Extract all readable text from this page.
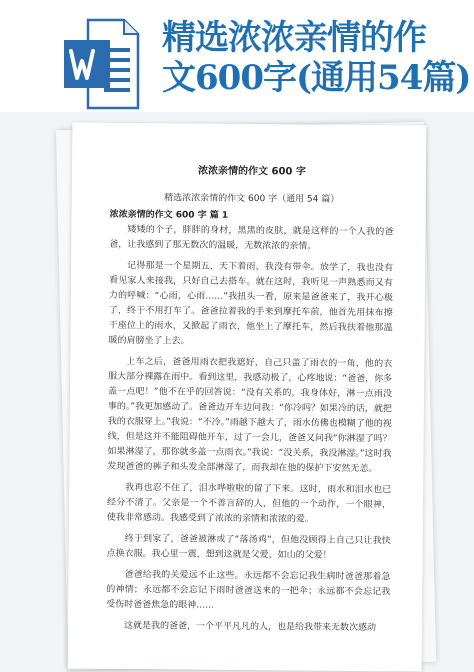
精选浓浓亲情的作
文600字(通用54篇)
浓浓亲情的作文 600 字
精选浓浓亲情的作文 600 字（通用 54 篇）
浓浓亲情的作文 600 字 篇 1

矮矮的个子，胖胖的身材，黑黑的皮肤，就是这样的一个人我的爸爸，让我感到了那无数次的温暖，无数浓浓的亲情。

记得那是一个星期五，天下着雨，我没有带伞。放学了，我也没有看见家人来接我，只好自己去搭车。就在这时，我听见一声熟悉而又有力的呼喊：“心雨，心雨……”我扭头一看，原来是爸爸来了，我开心极了，终于不用打车了。爸爸拉着我的手来到摩托车前，他首先用抹布擦干座位上的雨水，又掀起了雨衣，他坐上了摩托车，然后我扶着他那温暖的肩膀坐了上去。

上车之后，爸爸用雨衣把我遮好，自己只盖了雨衣的一角，他的衣服大部分裸露在雨中。看到这里，我感动极了，心疼地说：“爸爸，你多盖一点吧！”他不在乎的回答说：“没有关系的，我身体好，淋一点雨没事的。”我更加感动了。爸爸边开车边问我：“你冷吗？如果冷的话，就把我的衣服穿上。”我说：“不冷。”雨越下越大了，雨水仿佛也模糊了他的视线，但是这并不能阻碍他开车，过了一会儿，爸爸又问我“你淋湿了吗？如果淋湿了，那你就多盖一点雨衣。”我说：“没关系，我没淋湿。”这时我发现爸爸的裤子和头发全部淋湿了，而我却在他的保护下安然无恙。

我再也忍不住了，泪水哗啦啦的留了下来。这时，雨水和泪水也已经分不清了。父亲是一个不善言辞的人，但他的一个动作，一个眼神，使我非常感动。我感受到了浓浓的亲情和浓浓的爱。

终于到家了，爸爸被淋成了“落汤鸡”，但他没顾得上自己只让我快点换衣服。我心里一震，想到这就是父爱，如山的父爱！

爸爸给我的关爱远不止这些。永远都不会忘记我生病时爸爸那着急的神情；永远都不会忘记下雨时爸爸送来的一把伞；永远都不会忘记我受伤时爸爸焦急的眼神……

这就是我的爸爸，一个平平凡凡的人，也是给我带来无数次感动
